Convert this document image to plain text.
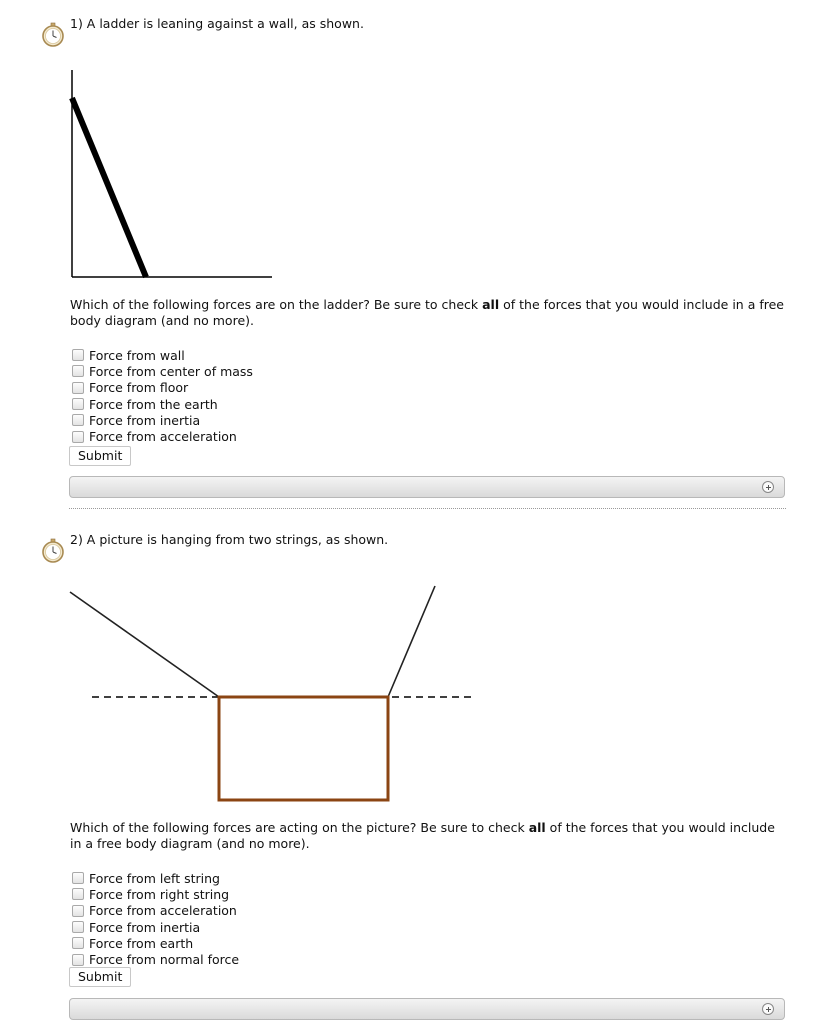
1) A ladder is leaning against a wall, as shown.
Which of the following forces are on the ladder? Be sure to check all of the forces that you would include in a free body diagram (and no more).
Force from wall
Force from center of mass
Force from floor
Force from the earth
Force from inertia
Force from acceleration
Submit
2) A picture is hanging from two strings, as shown.
Which of the following forces are acting on the picture? Be sure to check all of the forces that you would include in a free body diagram (and no more).
Force from left string
Force from right string
Force from acceleration
Force from inertia
Force from earth
Force from normal force
Submit
